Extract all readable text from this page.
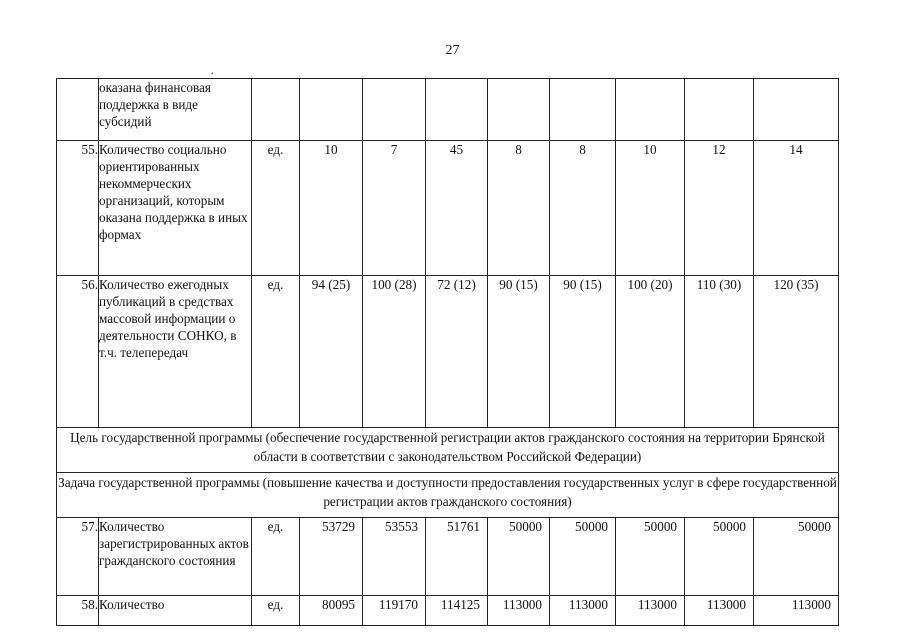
27
.
	оказана финансовая поддержка в виде субсидий									
55.	Количество социально ориентированных некоммерческих организаций, которым оказана поддержка в иных формах	ед.	10	7	45	8	8	10	12	14
56.	Количество ежегодных публикаций в средствах массовой информации о деятельности СОНКО, в т.ч. телепередач	ед.	94 (25)	100 (28)	72 (12)	90 (15)	90 (15)	100 (20)	110 (30)	120 (35)
Цель государственной программы (обеспечение государственной регистрации актов гражданского состояния на территории Брянской области в соответствии с законодательством Российской Федерации)										
Задача государственной программы (повышение качества и доступности предоставления государственных услуг в сфере государственной регистрации актов гражданского состояния)										
57.	Количество зарегистрированных актов гражданского состояния	ед.	53729	53553	51761	50000	50000	50000	50000	50000
58.	Количество	ед.	80095	119170	114125	113000	113000	113000	113000	113000
